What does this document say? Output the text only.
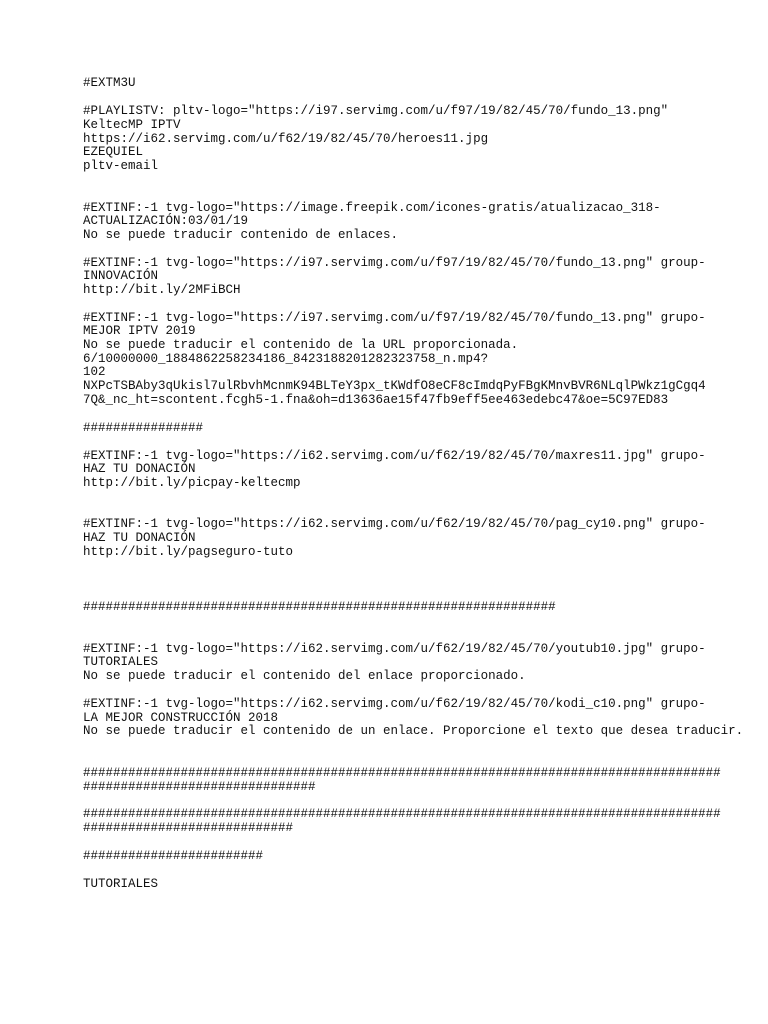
#EXTM3U

#PLAYLISTV: pltv-logo="https://i97.servimg.com/u/f97/19/82/45/70/fundo_13.png"

KeltecMP IPTV

https://i62.servimg.com/u/f62/19/82/45/70/heroes11.jpg

EZEQUIEL

pltv-email

#EXTINF:-1 tvg-logo="https://image.freepik.com/icones-gratis/atualizacao_318-

ACTUALIZACIÓN:03/01/19

No se puede traducir contenido de enlaces.

#EXTINF:-1 tvg-logo="https://i97.servimg.com/u/f97/19/82/45/70/fundo_13.png" group-

INNOVACIÓN

http://bit.ly/2MFiBCH

#EXTINF:-1 tvg-logo="https://i97.servimg.com/u/f97/19/82/45/70/fundo_13.png" grupo-

MEJOR IPTV 2019

No se puede traducir el contenido de la URL proporcionada.

6/10000000_1884862258234186_8423188201282323758_n.mp4?

102

NXPcTSBAby3qUkisl7ulRbvhMcnmK94BLTeY3px_tKWdfO8eCF8cImdqPyFBgKMnvBVR6NLqlPWkz1gCgq4

7Q&_nc_ht=scontent.fcgh5-1.fna&oh=d13636ae15f47fb9eff5ee463edebc47&oe=5C97ED83

################

#EXTINF:-1 tvg-logo="https://i62.servimg.com/u/f62/19/82/45/70/maxres11.jpg" grupo-

HAZ TU DONACIÓN

http://bit.ly/picpay-keltecmp

#EXTINF:-1 tvg-logo="https://i62.servimg.com/u/f62/19/82/45/70/pag_cy10.png" grupo-

HAZ TU DONACIÓN

http://bit.ly/pagseguro-tuto

###############################################################

#EXTINF:-1 tvg-logo="https://i62.servimg.com/u/f62/19/82/45/70/youtub10.jpg" grupo-

TUTORIALES

No se puede traducir el contenido del enlace proporcionado.

#EXTINF:-1 tvg-logo="https://i62.servimg.com/u/f62/19/82/45/70/kodi_c10.png" grupo-

LA MEJOR CONSTRUCCIÓN 2018

No se puede traducir el contenido de un enlace. Proporcione el texto que desea traducir.

#####################################################################################

###############################

#####################################################################################

############################

########################

TUTORIALES
